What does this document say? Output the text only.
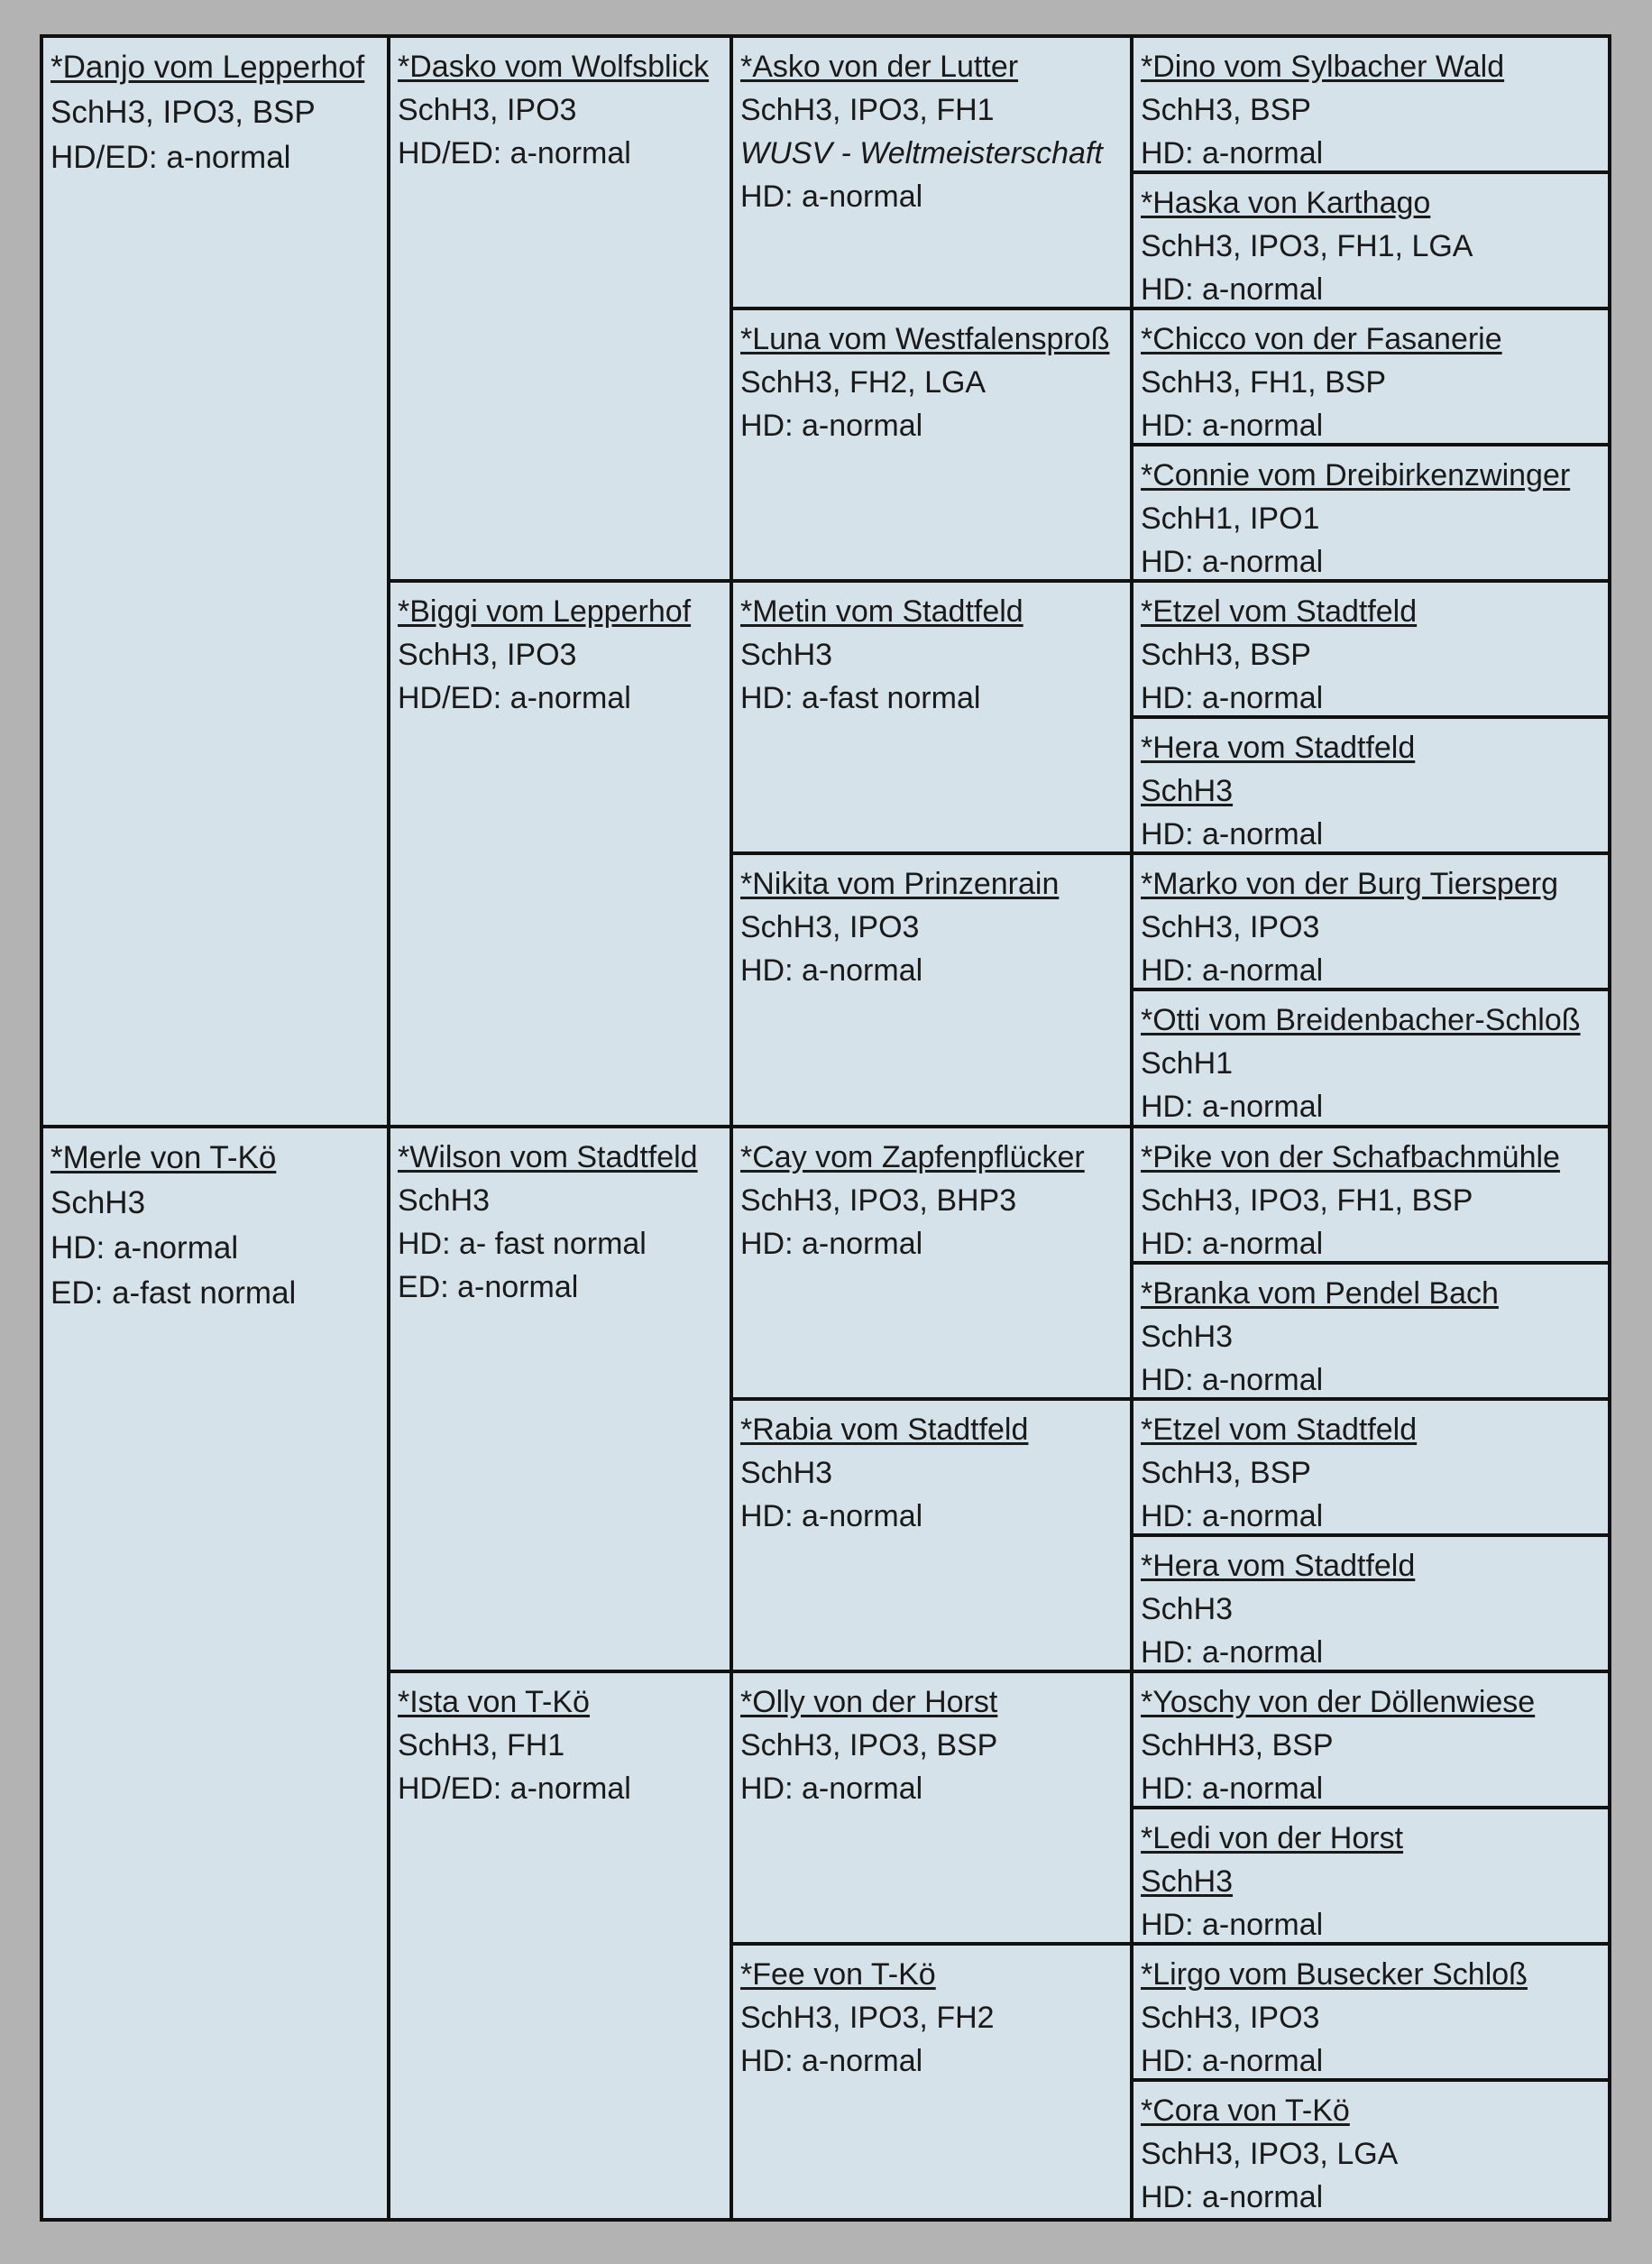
*Danjo vom Lepperhof
SchH3, IPO3, BSP
HD/ED: a-normal
*Merle von T-Kö
SchH3
HD: a-normal
ED: a-fast normal
*Dasko vom Wolfsblick
SchH3, IPO3
HD/ED: a-normal
*Biggi vom Lepperhof
SchH3, IPO3
HD/ED: a-normal
*Wilson vom Stadtfeld
SchH3
HD: a- fast normal
ED: a-normal
*Ista von T-Kö
SchH3, FH1
HD/ED: a-normal
*Asko von der Lutter
SchH3, IPO3, FH1
WUSV - Weltmeisterschaft
HD: a-normal
*Luna vom Westfalensproß
SchH3, FH2, LGA
HD: a-normal
*Metin vom Stadtfeld
SchH3
HD: a-fast normal
*Nikita vom Prinzenrain
SchH3, IPO3
HD: a-normal
*Cay vom Zapfenpflücker
SchH3, IPO3, BHP3
HD: a-normal
*Rabia vom Stadtfeld
SchH3
HD: a-normal
*Olly von der Horst
SchH3, IPO3, BSP
HD: a-normal
*Fee von T-Kö
SchH3, IPO3, FH2
HD: a-normal
*Dino vom Sylbacher Wald
SchH3, BSP
HD: a-normal
*Haska von Karthago
SchH3, IPO3, FH1, LGA
HD: a-normal
*Chicco von der Fasanerie
SchH3, FH1, BSP
HD: a-normal
*Connie vom Dreibirkenzwinger
SchH1, IPO1
HD: a-normal
*Etzel vom Stadtfeld
SchH3, BSP
HD: a-normal
*Hera vom Stadtfeld
SchH3
HD: a-normal
*Marko von der Burg Tiersperg
SchH3, IPO3
HD: a-normal
*Otti vom Breidenbacher-Schloß
SchH1
HD: a-normal
*Pike von der Schafbachmühle
SchH3, IPO3, FH1, BSP
HD: a-normal
*Branka vom Pendel Bach
SchH3
HD: a-normal
*Etzel vom Stadtfeld
SchH3, BSP
HD: a-normal
*Hera vom Stadtfeld
SchH3
HD: a-normal
*Yoschy von der Döllenwiese
SchHH3, BSP
HD: a-normal
*Ledi von der Horst
SchH3
HD: a-normal
*Lirgo vom Busecker Schloß
SchH3, IPO3
HD: a-normal
*Cora von T-Kö
SchH3, IPO3, LGA
HD: a-normal
